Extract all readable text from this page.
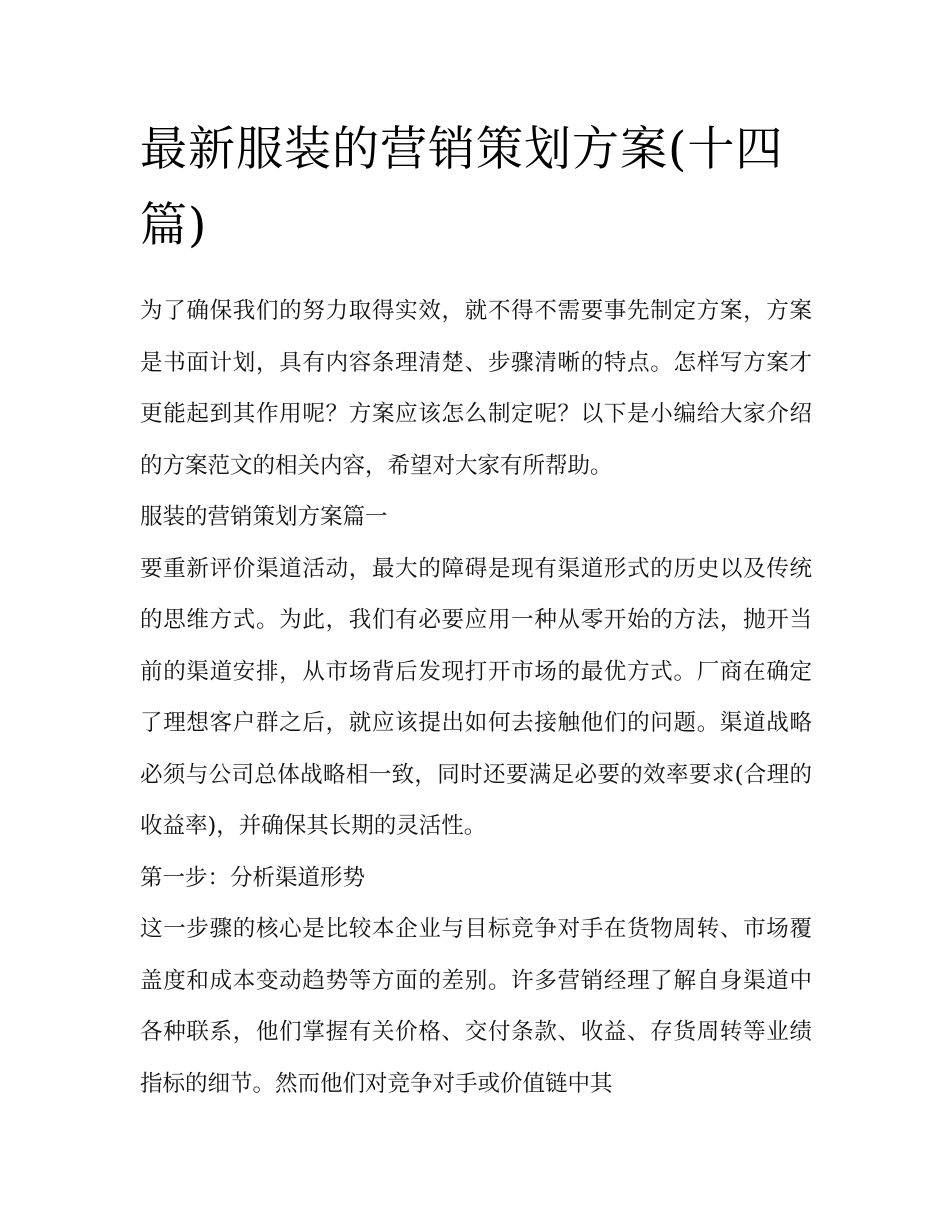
最新服装的营销策划方案(十四篇)

为了确保我们的努力取得实效，就不得不需要事先制定方案，方案是书面计划，具有内容条理清楚、步骤清晰的特点。怎样写方案才更能起到其作用呢？方案应该怎么制定呢？以下是小编给大家介绍的方案范文的相关内容，希望对大家有所帮助。

服装的营销策划方案篇一

要重新评价渠道活动，最大的障碍是现有渠道形式的历史以及传统的思维方式。为此，我们有必要应用一种从零开始的方法，抛开当前的渠道安排，从市场背后发现打开市场的最优方式。厂商在确定了理想客户群之后，就应该提出如何去接触他们的问题。渠道战略必须与公司总体战略相一致，同时还要满足必要的效率要求(合理的收益率)，并确保其长期的灵活性。

第一步：分析渠道形势

这一步骤的核心是比较本企业与目标竞争对手在货物周转、市场覆盖度和成本变动趋势等方面的差别。许多营销经理了解自身渠道中各种联系，他们掌握有关价格、交付条款、收益、存货周转等业绩指标的细节。然而他们对竞争对手或价值链中其
